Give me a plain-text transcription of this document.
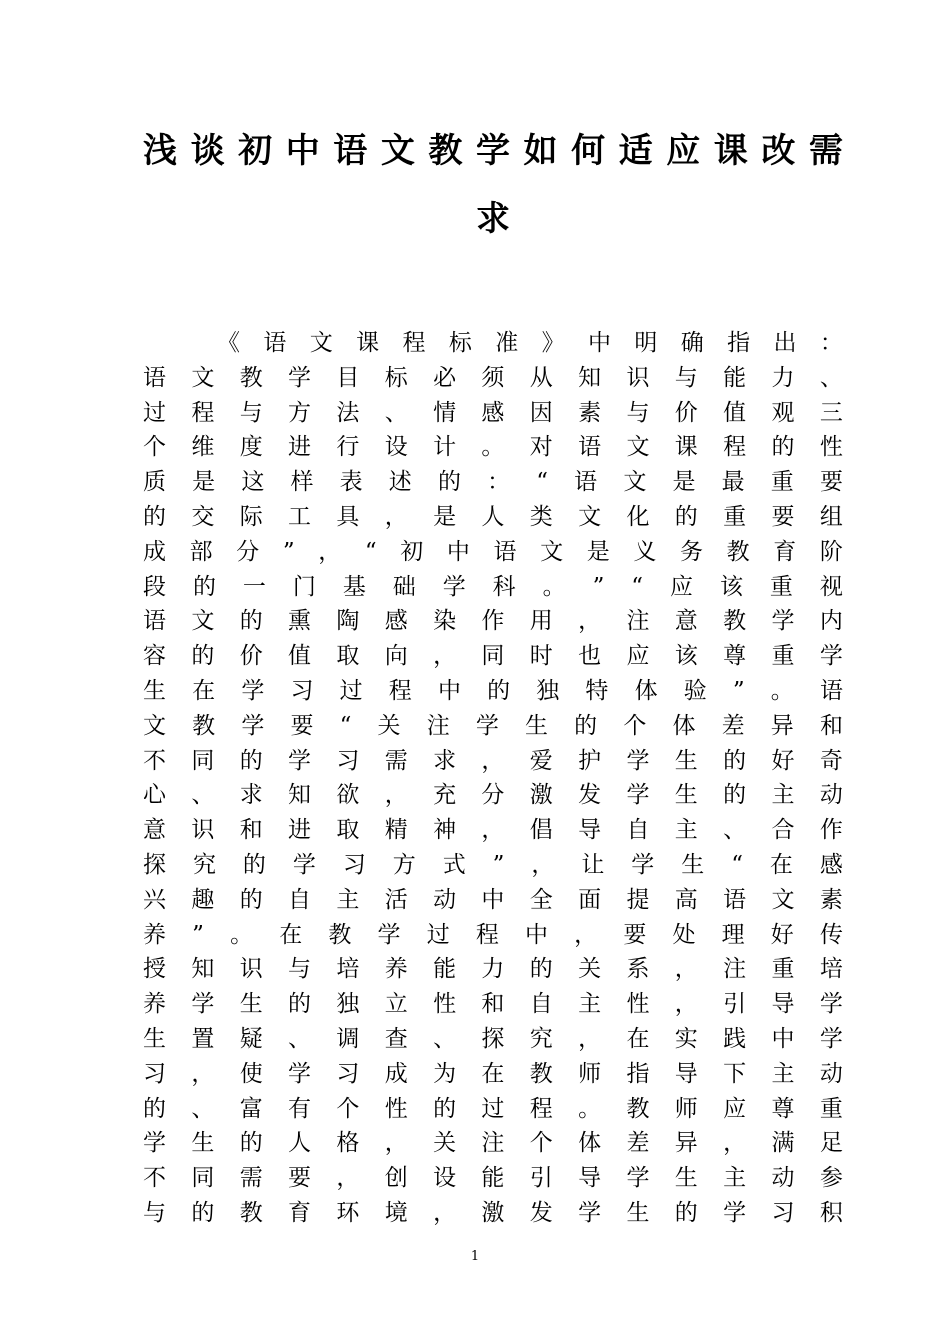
浅 谈 初 中 语 文 教 学 如 何 适 应 课 改 需
求
《 语 文 课 程 标 准 》 中 明 确 指 出 ：
语 文 教 学 目 标 必 须 从 知 识 与 能 力 、
过 程 与 方 法 、 情 感 因 素 与 价 值 观 三
个 维 度 进 行 设 计 。 对 语 文 课 程 的 性
质 是 这 样 表 述 的 ： “ 语 文 是 最 重 要
的 交 际 工 具 ， 是 人 类 文 化 的 重 要 组
成 部 分 ” ， “ 初 中 语 文 是 义 务 教 育 阶
段 的 一 门 基 础 学 科 。 ” “ 应 该 重 视
语 文 的 熏 陶 感 染 作 用 ， 注 意 教 学 内
容 的 价 值 取 向 ， 同 时 也 应 该 尊 重 学
生 在 学 习 过 程 中 的 独 特 体 验 ” 。 语
文 教 学 要 “ 关 注 学 生 的 个 体 差 异 和
不 同 的 学 习 需 求 ， 爱 护 学 生 的 好 奇
心 、 求 知 欲 ， 充 分 激 发 学 生 的 主 动
意 识 和 进 取 精 神 ， 倡 导 自 主 、 合 作
探 究 的 学 习 方 式 ” ， 让 学 生 “ 在 感
兴 趣 的 自 主 活 动 中 全 面 提 高 语 文 素
养 ” 。 在 教 学 过 程 中 ， 要 处 理 好 传
授 知 识 与 培 养 能 力 的 关 系 ， 注 重 培
养 学 生 的 独 立 性 和 自 主 性 ， 引 导 学
生 置 疑 、 调 查 、 探 究 ， 在 实 践 中 学
习 ， 使 学 习 成 为 在 教 师 指 导 下 主 动
的 、 富 有 个 性 的 过 程 。 教 师 应 尊 重
学 生 的 人 格 ， 关 注 个 体 差 异 ， 满 足
不 同 需 要 ， 创 设 能 引 导 学 生 主 动 参
与 的 教 育 环 境 ， 激 发 学 生 的 学 习 积
1
